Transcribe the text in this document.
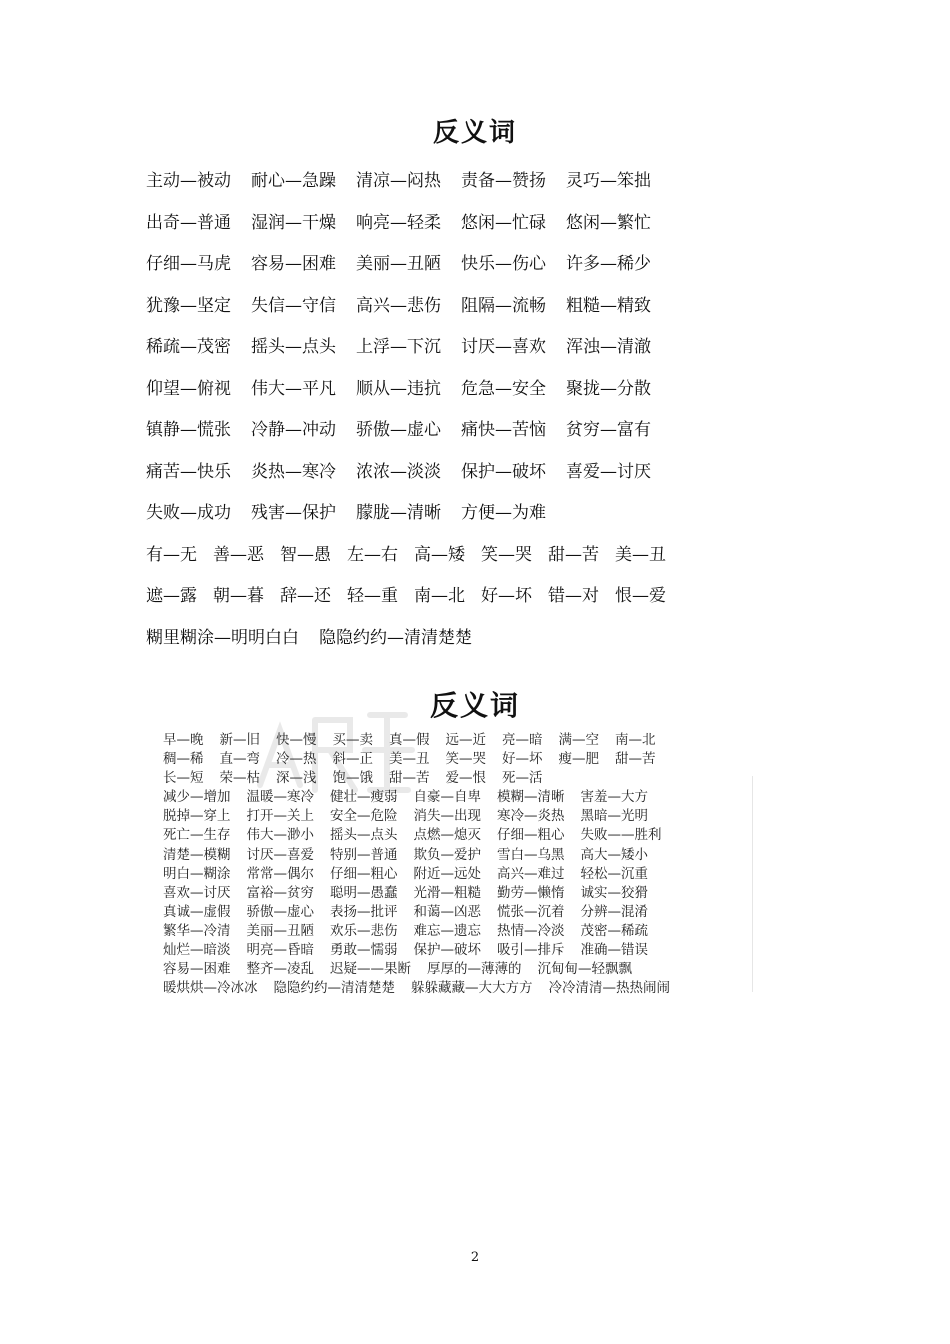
反义词
主动—被动 耐心—急躁 清凉—闷热 责备—赞扬 灵巧—笨拙
出奇—普通 湿润—干燥 响亮—轻柔 悠闲—忙碌 悠闲—繁忙
仔细—马虎 容易—困难 美丽—丑陋 快乐—伤心 许多—稀少
犹豫—坚定 失信—守信 高兴—悲伤 阻隔—流畅 粗糙—精致
稀疏—茂密 摇头—点头 上浮—下沉 讨厌—喜欢 浑浊—清澈
仰望—俯视 伟大—平凡 顺从—违抗 危急—安全 聚拢—分散
镇静—慌张 冷静—冲动 骄傲—虚心 痛快—苦恼 贫穷—富有
痛苦—快乐 炎热—寒冷 浓浓—淡淡 保护—破坏 喜爱—讨厌
失败—成功 残害—保护 朦胧—清晰 方便—为难
有—无 善—恶 智—愚 左—右 高—矮 笑—哭 甜—苦 美—丑
遮—露 朝—暮 辞—还 轻—重 南—北 好—坏 错—对 恨—爱
糊里糊涂—明明白白 隐隐约约—清清楚楚
反义词
早—晚 新—旧 快—慢 买—卖 真—假 远—近 亮—暗 满—空 南—北
稠—稀 直—弯 冷—热 斜—正 美—丑 笑—哭 好—坏 瘦—肥 甜—苦
长—短 荣—枯 深—浅 饱—饿 甜—苦 爱—恨 死—活
减少—增加 温暖—寒冷 健壮—瘦弱 自豪—自卑 模糊—清晰 害羞—大方
脱掉—穿上 打开—关上 安全—危险 消失—出现 寒冷—炎热 黑暗—光明
死亡—生存 伟大—渺小 摇头—点头 点燃—熄灭 仔细—粗心 失败——胜利
清楚—模糊 讨厌—喜爱 特别—普通 欺负—爱护 雪白—乌黑 高大—矮小
明白—糊涂 常常—偶尔 仔细—粗心 附近—远处 高兴—难过 轻松—沉重
喜欢—讨厌 富裕—贫穷 聪明—愚蠢 光滑—粗糙 勤劳—懒惰 诚实—狡猾
真诚—虚假 骄傲—虚心 表扬—批评 和蔼—凶恶 慌张—沉着 分辨—混淆
繁华—冷清 美丽—丑陋 欢乐—悲伤 难忘—遗忘 热情—冷淡 茂密—稀疏
灿烂—暗淡 明亮—昏暗 勇敢—懦弱 保护—破坏 吸引—排斥 准确—错误
容易—困难 整齐—凌乱 迟疑——果断 厚厚的—薄薄的 沉甸甸—轻飘飘
暖烘烘—冷冰冰 隐隐约约—清清楚楚 躲躲藏藏—大大方方 冷冷清清—热热闹闹
2
